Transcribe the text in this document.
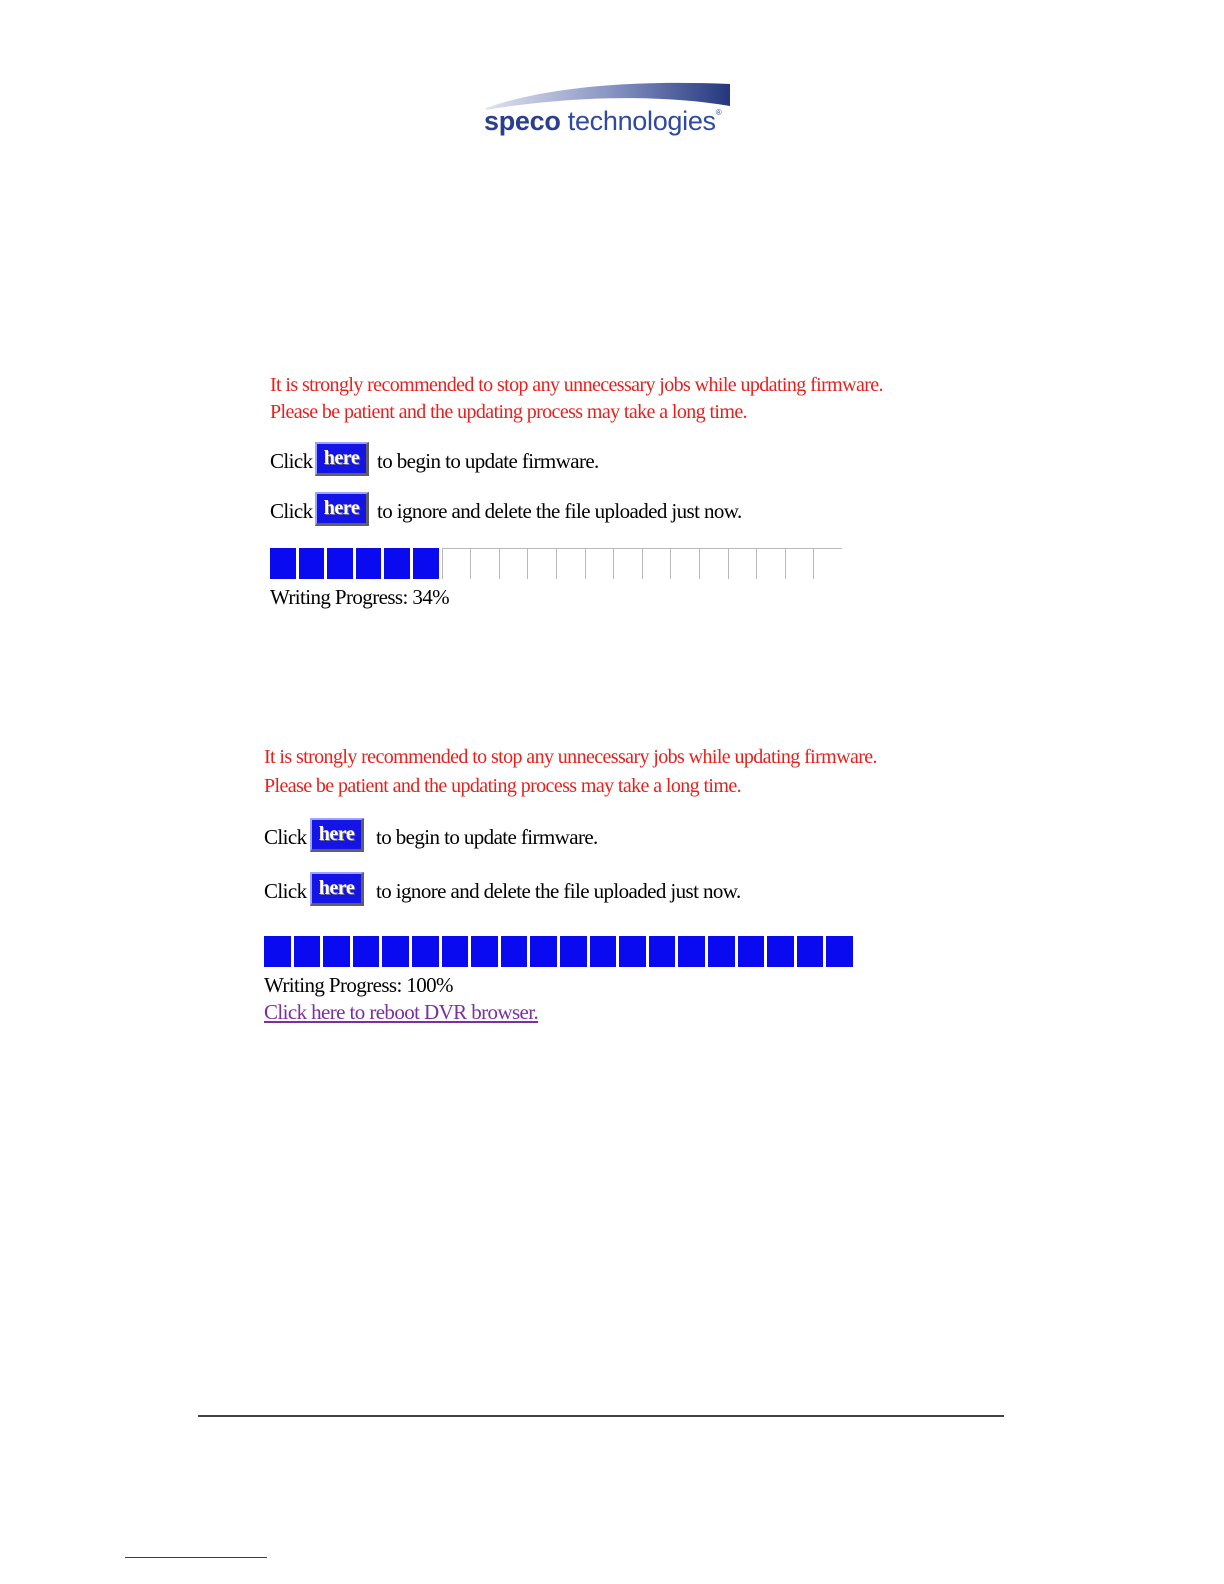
speco technologies®
It is strongly recommended to stop any unnecessary jobs while updating firmware.
Please be patient and the updating process may take a long time.
Click here to begin to update firmware.
Click here to ignore and delete the file uploaded just now.
Writing Progress: 34%
It is strongly recommended to stop any unnecessary jobs while updating firmware.
Please be patient and the updating process may take a long time.
Click here	to begin to update firmware.
Click here	to ignore and delete the file uploaded just now.
Writing Progress: 100%
Click here to reboot DVR browser.
